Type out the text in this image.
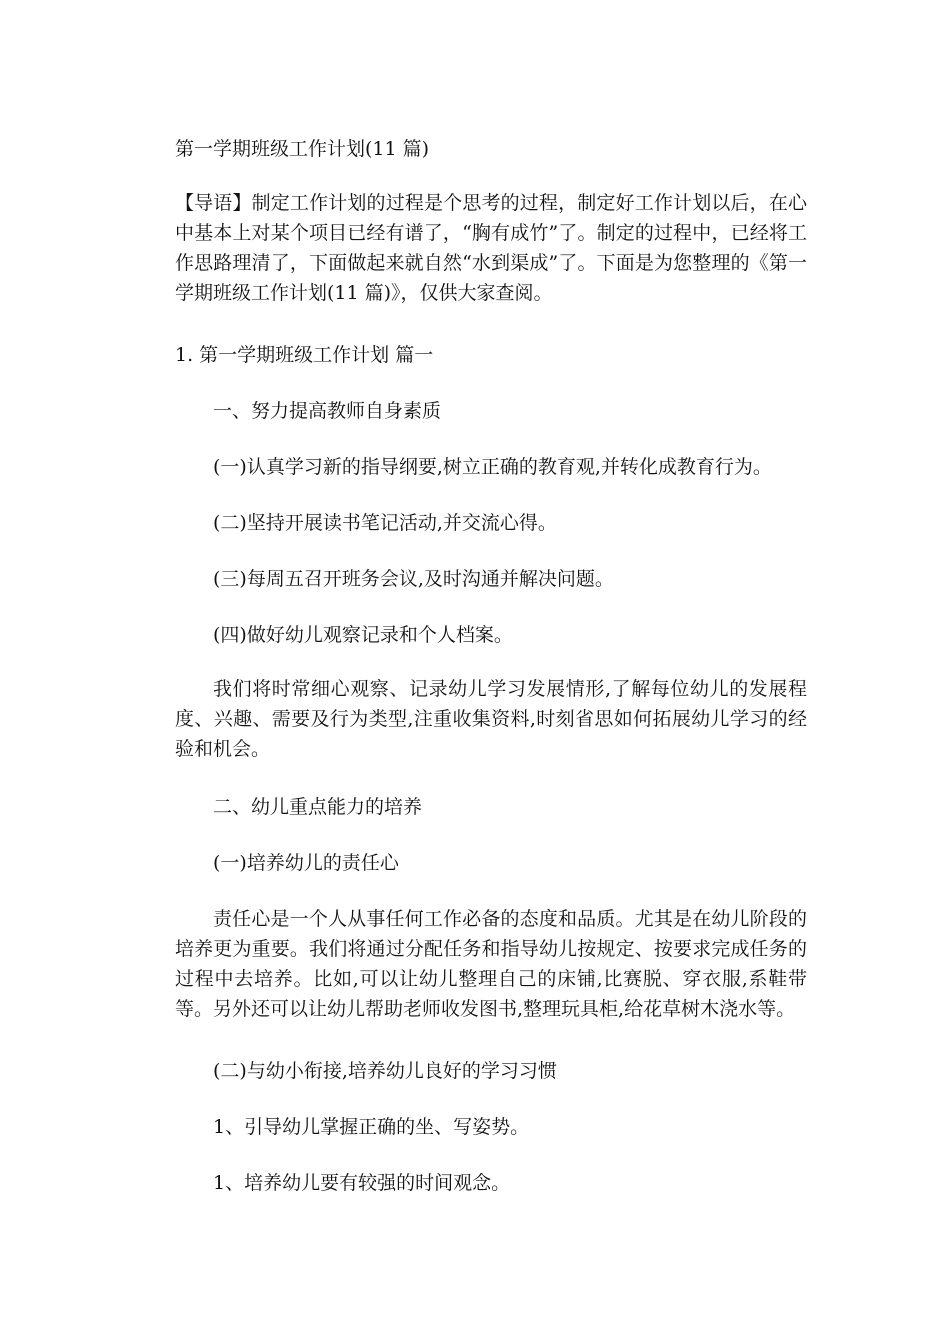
第一学期班级工作计划(11 篇)

【导语】制定工作计划的过程是个思考的过程，制定好工作计划以后，在心中基本上对某个项目已经有谱了，“胸有成竹”了。制定的过程中，已经将工作思路理清了，下面做起来就自然“水到渠成”了。下面是为您整理的《第一学期班级工作计划(11 篇)》，仅供大家查阅。

1. 第一学期班级工作计划 篇一

一、努力提高教师自身素质

(一)认真学习新的指导纲要,树立正确的教育观,并转化成教育行为。

(二)坚持开展读书笔记活动,并交流心得。

(三)每周五召开班务会议,及时沟通并解决问题。

(四)做好幼儿观察记录和个人档案。

我们将时常细心观察、记录幼儿学习发展情形,了解每位幼儿的发展程度、兴趣、需要及行为类型,注重收集资料,时刻省思如何拓展幼儿学习的经验和机会。

二、幼儿重点能力的培养

(一)培养幼儿的责任心

责任心是一个人从事任何工作必备的态度和品质。尤其是在幼儿阶段的培养更为重要。我们将通过分配任务和指导幼儿按规定、按要求完成任务的过程中去培养。比如,可以让幼儿整理自己的床铺,比赛脱、穿衣服,系鞋带等。另外还可以让幼儿帮助老师收发图书,整理玩具柜,给花草树木浇水等。

(二)与幼小衔接,培养幼儿良好的学习习惯

1、引导幼儿掌握正确的坐、写姿势。

1、培养幼儿要有较强的时间观念。
